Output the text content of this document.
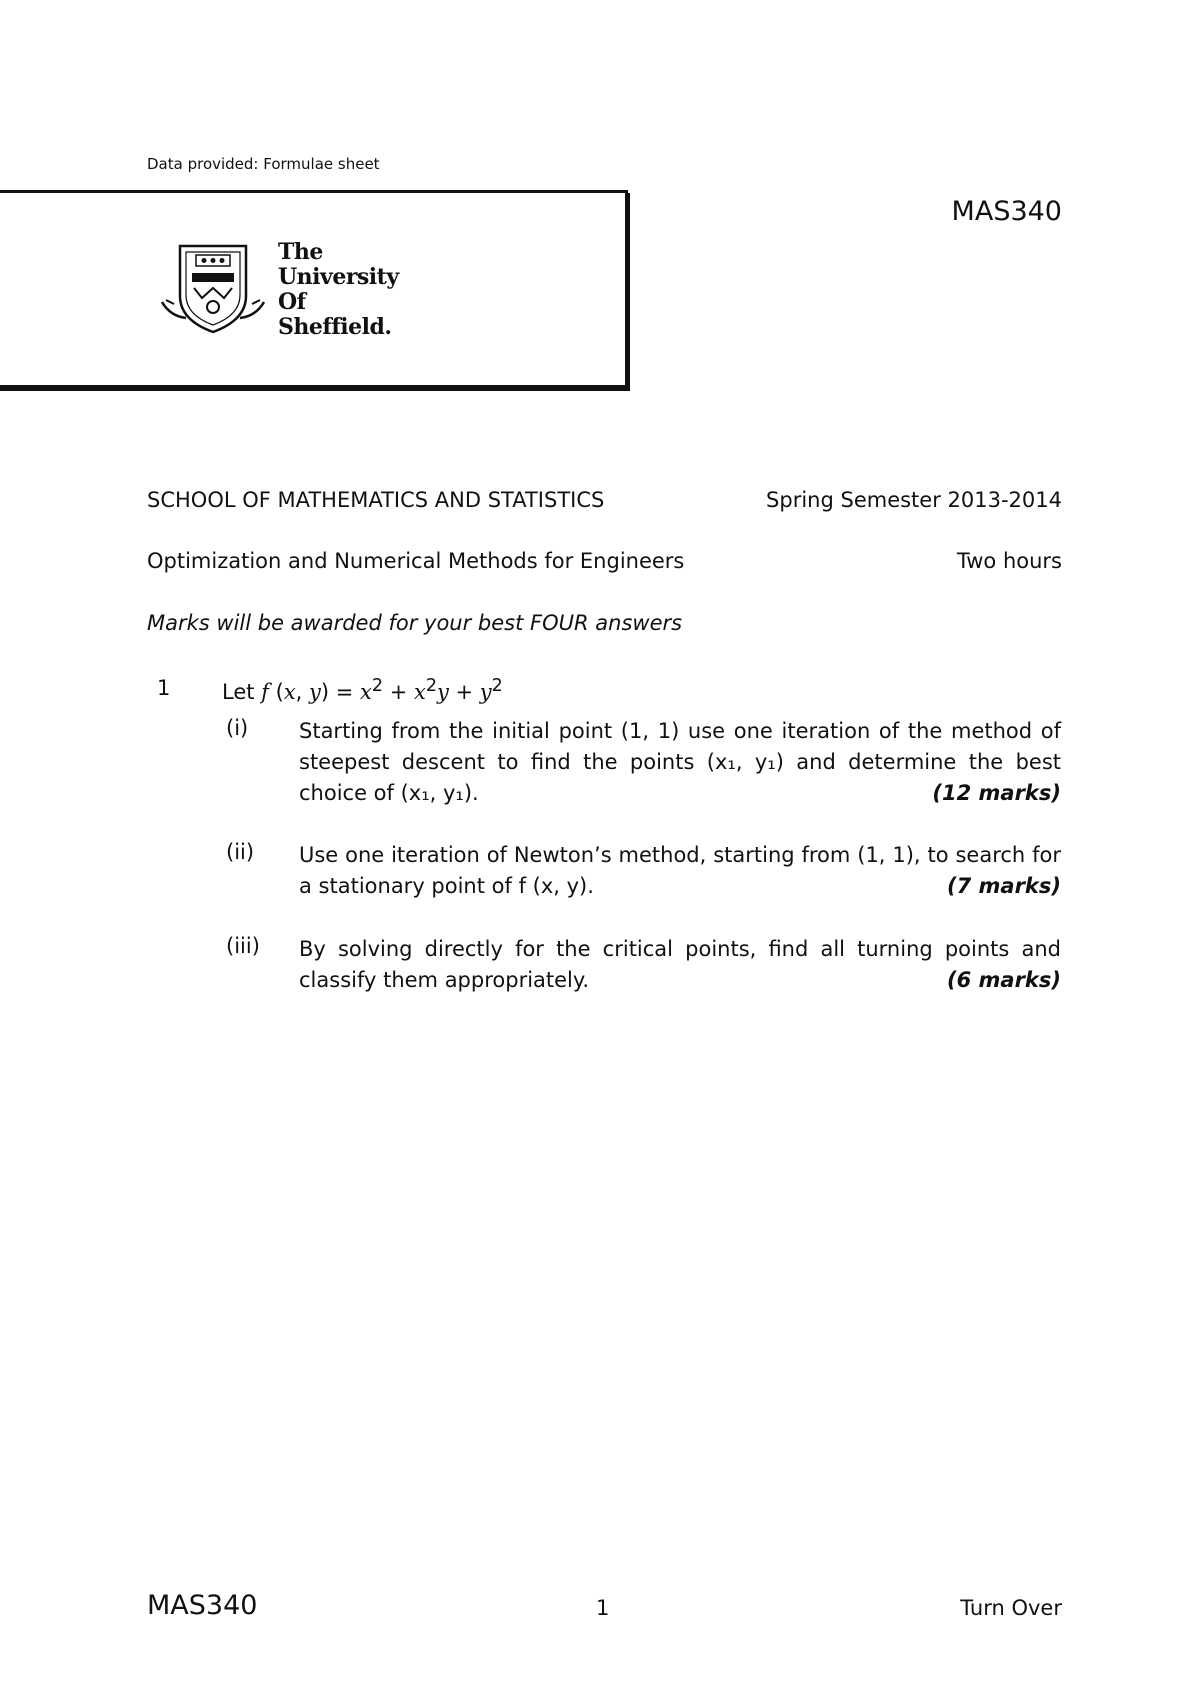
Data provided: Formulae sheet
The
University
Of
Sheffield.
MAS340
SCHOOL OF MATHEMATICS AND STATISTICS	Spring Semester 2013-2014
Optimization and Numerical Methods for Engineers	Two hours
Marks will be awarded for your best FOUR answers
1 Let f (x, $y) = x^2 + x^2y + y^2$
(i) Starting from the initial point (1, 1) use one iteration of the method of steepest descent to find the points (x₁, y₁) and determine the best choice of (x₁, y₁).	(12 marks)
(ii) Use one iteration of Newton’s method, starting from (1, 1), to search for a stationary point of f (x, y).	(7 marks)
(iii) By solving directly for the critical points, find all turning points and classify them appropriately.	(6 marks)
MAS340	1	Turn Over
